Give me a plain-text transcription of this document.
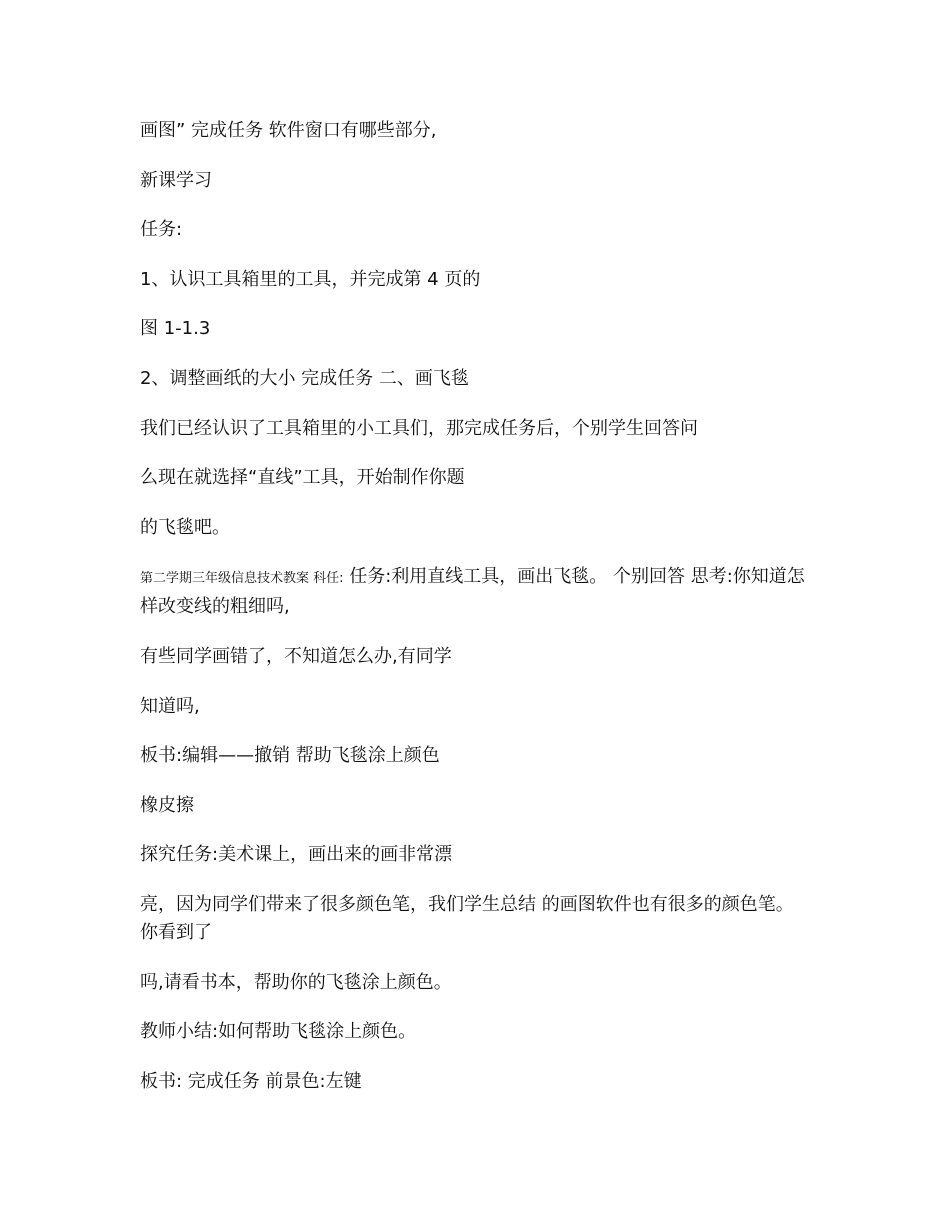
画图” 完成任务 软件窗口有哪些部分,

新课学习

任务:

1、认识工具箱里的工具，并完成第 4 页的

图 1-1.3

2、调整画纸的大小 完成任务 二、画飞毯

我们已经认识了工具箱里的小工具们，那完成任务后，个别学生回答问

么现在就选择“直线”工具，开始制作你题

的飞毯吧。

第二学期三年级信息技术教案 科任: 任务:利用直线工具，画出飞毯。 个别回答 思考:你知道怎样改变线的粗细吗,

有些同学画错了，不知道怎么办,有同学

知道吗,

板书:编辑——撤销 帮助飞毯涂上颜色

橡皮擦

探究任务:美术课上，画出来的画非常漂

亮，因为同学们带来了很多颜色笔，我们学生总结 的画图软件也有很多的颜色笔。你看到了

吗,请看书本，帮助你的飞毯涂上颜色。

教师小结:如何帮助飞毯涂上颜色。

板书: 完成任务 前景色:左键
